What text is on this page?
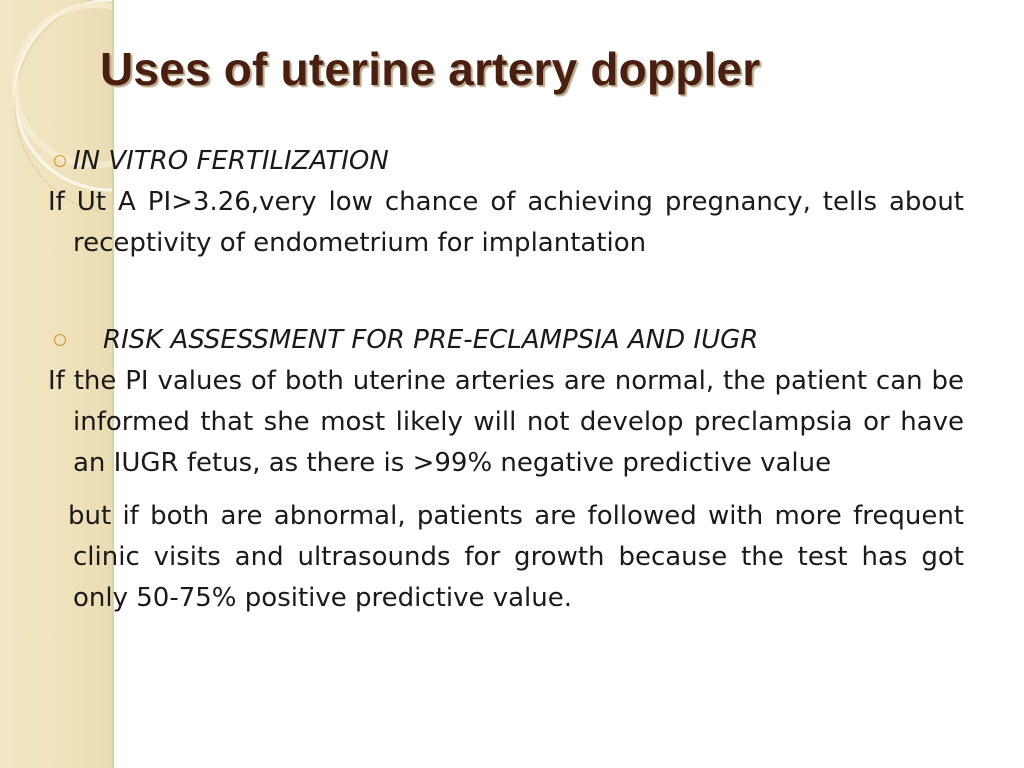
Uses of uterine artery doppler
IN VITRO FERTILIZATION
If Ut A PI>3.26,very low chance of achieving pregnancy, tells about receptivity of endometrium for implantation
RISK ASSESSMENT FOR PRE-ECLAMPSIA AND IUGR
If the PI values of both uterine arteries are normal, the patient can be informed that she most likely will not develop preclampsia or have an IUGR fetus, as there is >99% negative predictive value
but if both are abnormal, patients are followed with more frequent clinic visits and ultrasounds for growth because the test has got only 50-75% positive predictive value.
